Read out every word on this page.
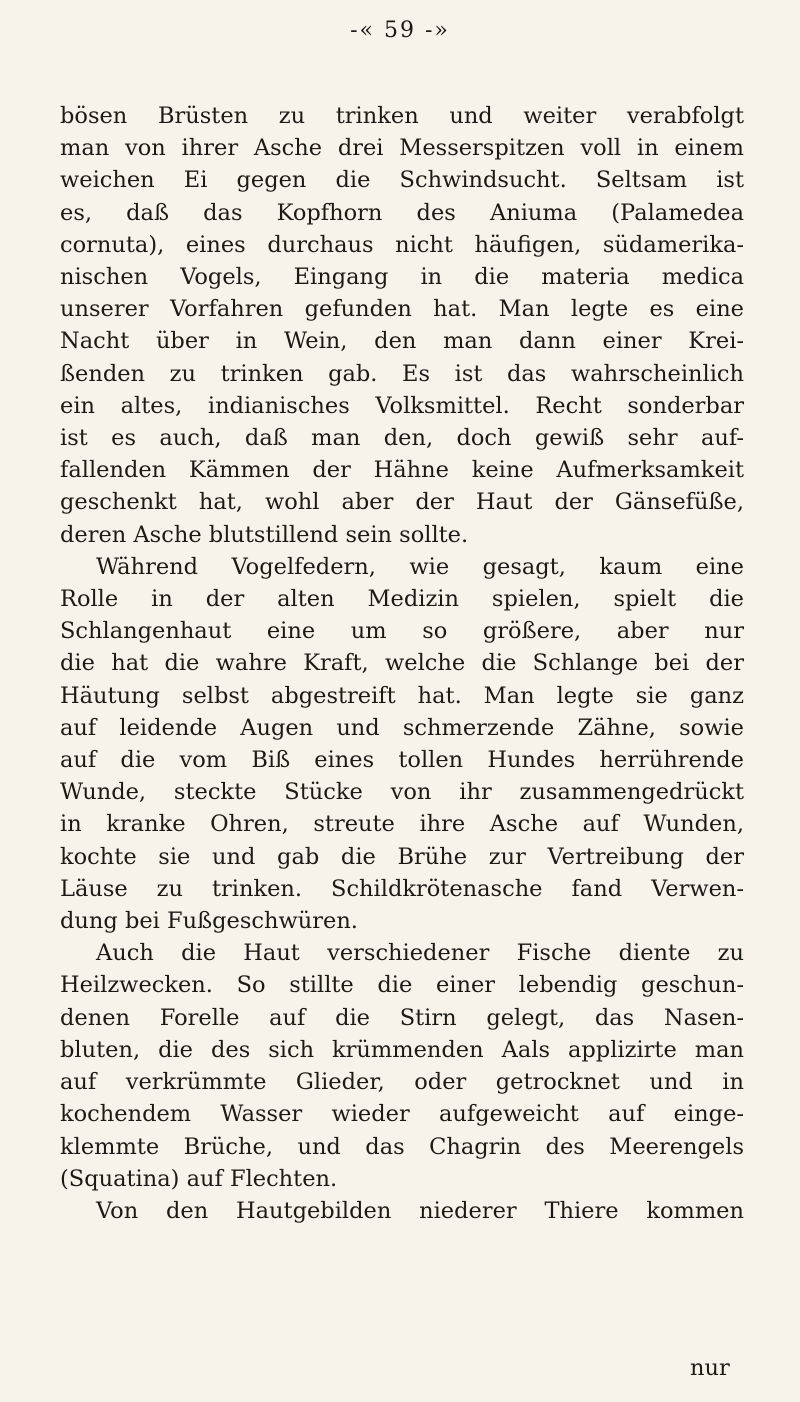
-« 59 -»

bösen Brüsten zu trinken und weiter verabfolgt

man von ihrer Asche drei Messerspitzen voll in einem

weichen Ei gegen die Schwindsucht. Seltsam ist

es, daß das Kopfhorn des Aniuma (Palamedea

cornuta), eines durchaus nicht häufigen, südamerika-

nischen Vogels, Eingang in die materia medica

unserer Vorfahren gefunden hat. Man legte es eine

Nacht über in Wein, den man dann einer Krei-

ßenden zu trinken gab. Es ist das wahrscheinlich

ein altes, indianisches Volksmittel. Recht sonderbar

ist es auch, daß man den, doch gewiß sehr auf-

fallenden Kämmen der Hähne keine Aufmerksamkeit

geschenkt hat, wohl aber der Haut der Gänsefüße,

deren Asche blutstillend sein sollte.

Während Vogelfedern, wie gesagt, kaum eine

Rolle in der alten Medizin spielen, spielt die

Schlangenhaut eine um so größere, aber nur

die hat die wahre Kraft, welche die Schlange bei der

Häutung selbst abgestreift hat. Man legte sie ganz

auf leidende Augen und schmerzende Zähne, sowie

auf die vom Biß eines tollen Hundes herrührende

Wunde, steckte Stücke von ihr zusammengedrückt

in kranke Ohren, streute ihre Asche auf Wunden,

kochte sie und gab die Brühe zur Vertreibung der

Läuse zu trinken. Schildkrötenasche fand Verwen-

dung bei Fußgeschwüren.

Auch die Haut verschiedener Fische diente zu

Heilzwecken. So stillte die einer lebendig geschun-

denen Forelle auf die Stirn gelegt, das Nasen-

bluten, die des sich krümmenden Aals applizirte man

auf verkrümmte Glieder, oder getrocknet und in

kochendem Wasser wieder aufgeweicht auf einge-

klemmte Brüche, und das Chagrin des Meerengels

(Squatina) auf Flechten.

Von den Hautgebilden niederer Thiere kommen

nur
